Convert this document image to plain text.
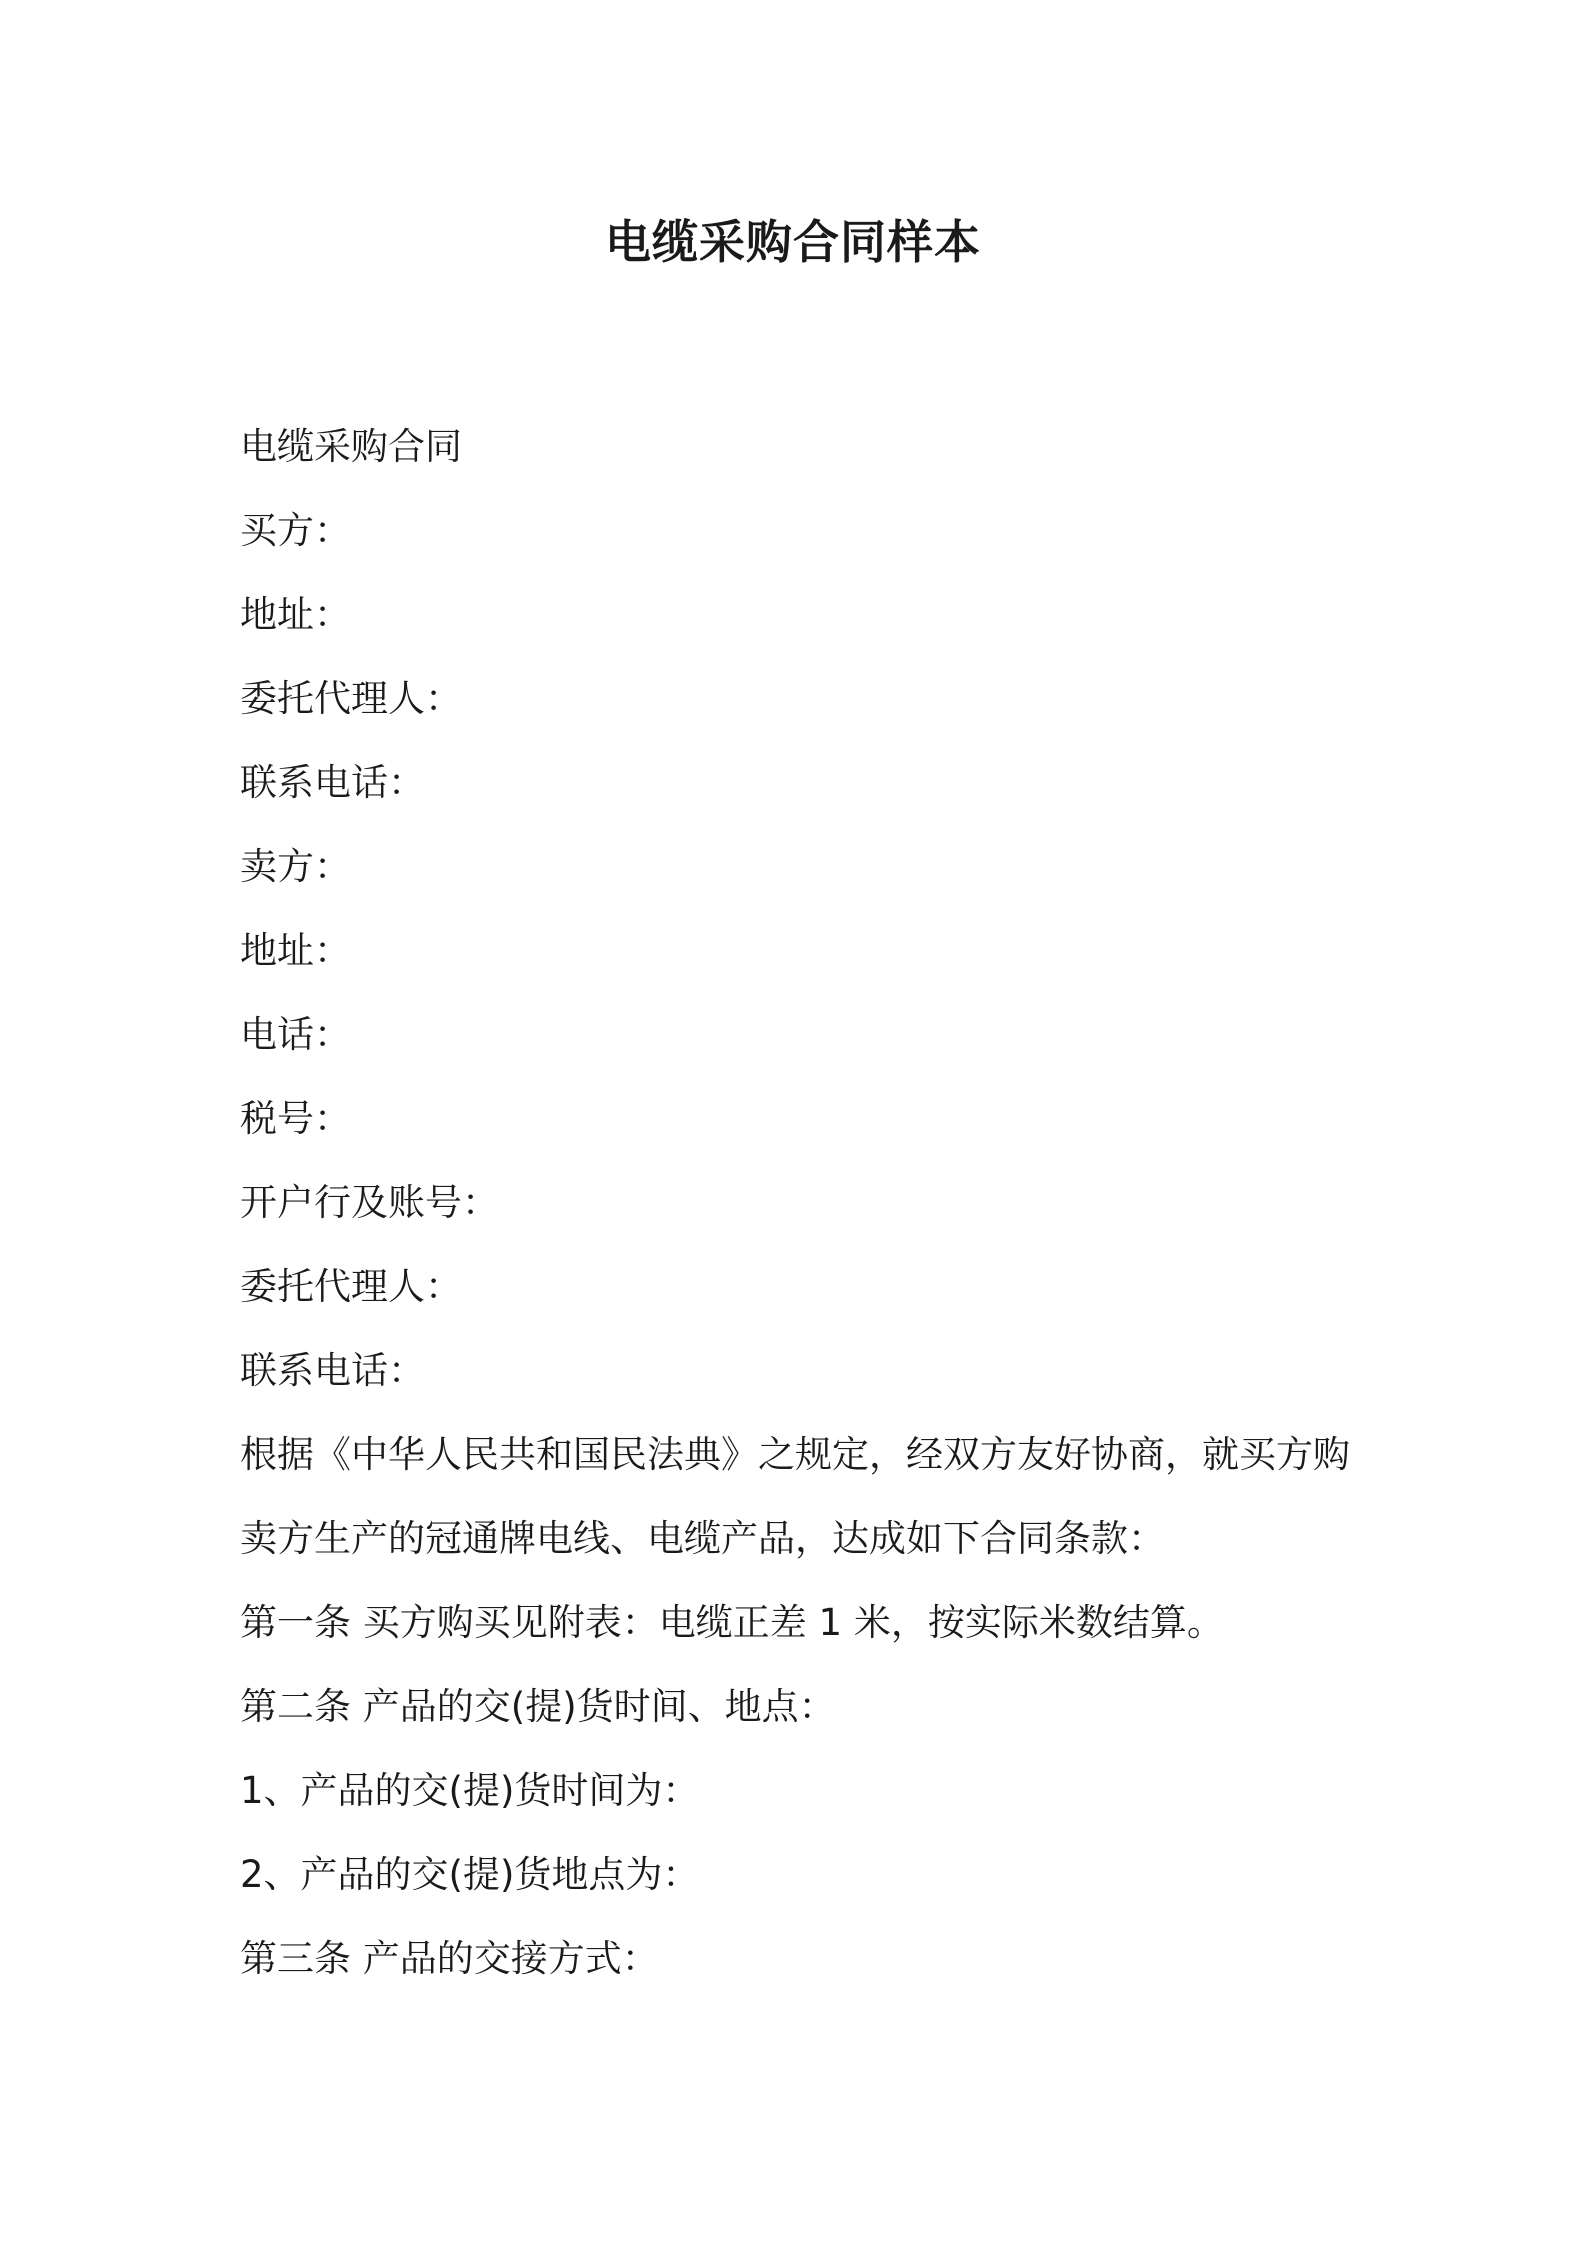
电缆采购合同样本
电缆采购合同
买方：
地址：
委托代理人：
联系电话：
卖方：
地址：
电话：
税号：
开户行及账号：
委托代理人：
联系电话：
根据《中华人民共和国民法典》之规定，经双方友好协商，就买方购
卖方生产的冠通牌电线、电缆产品，达成如下合同条款：
第一条 买方购买见附表：电缆正差 1 米，按实际米数结算。
第二条 产品的交(提)货时间、地点：
1、产品的交(提)货时间为：
2、产品的交(提)货地点为：
第三条 产品的交接方式：
